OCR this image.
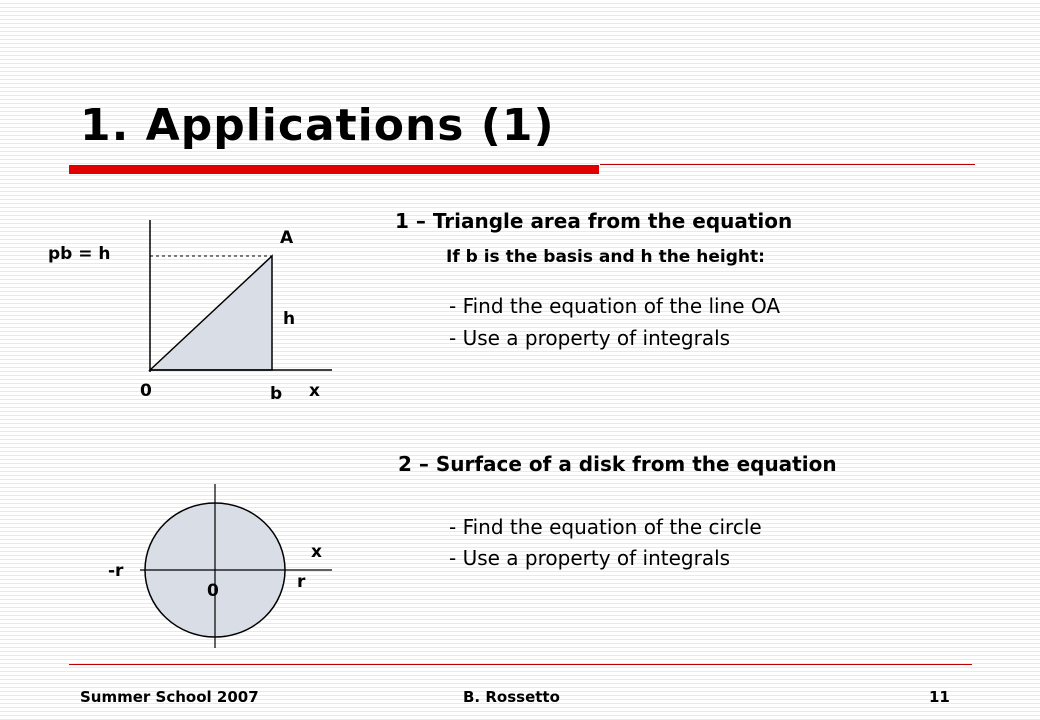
1. Applications (1)
pb = h
A
h
0	b x
-r
x
r
0
1 – Triangle area from the equation
If b is the basis and h the height:
- Find the equation of the line OA
- Use a property of integrals
2 – Surface of a disk from the equation
- Find the equation of the circle
- Use a property of integrals
Summer School 2007	B. Rossetto	11
